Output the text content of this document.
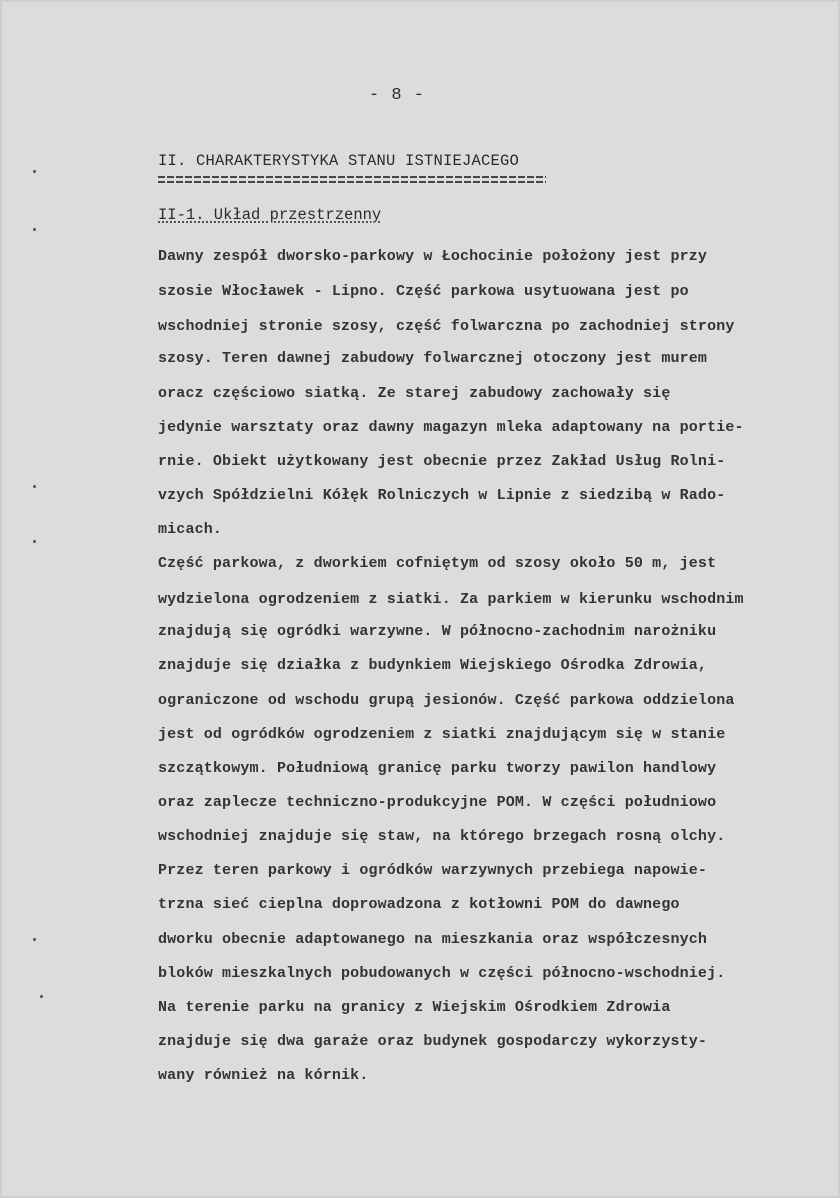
- 8 -
II. CHARAKTERYSTYKA STANU ISTNIEJACEGO
II-1. Układ przestrzenny
Dawny zespół dworsko-parkowy w Łochocinie położony jest przy
szosie Włocławek - Lipno. Część parkowa usytuowana jest po
wschodniej stronie szosy, część folwarczna po zachodniej strony
szosy. Teren dawnej zabudowy folwarcznej otoczony jest murem
oracz częściowo siatką. Ze starej zabudowy zachowały się
jedynie warsztaty oraz dawny magazyn mleka adaptowany na portie-
rnie. Obiekt użytkowany jest obecnie przez Zakład Usług Rolni-
vzych Spółdzielni Kółęk Rolniczych w Lipnie z siedzibą w Rado-
micach.
Część parkowa, z dworkiem cofniętym od szosy około 50 m, jest
wydzielona ogrodzeniem z siatki. Za parkiem w kierunku wschodnim
znajdują się ogródki warzywne. W północno-zachodnim narożniku
znajduje się działka z budynkiem Wiejskiego Ośrodka Zdrowia,
ograniczone od wschodu grupą jesionów. Część parkowa oddzielona
jest od ogródków ogrodzeniem z siatki znajdującym się w stanie
szczątkowym. Południową granicę parku tworzy pawilon handlowy
oraz zaplecze techniczno-produkcyjne POM. W części południowo
wschodniej znajduje się staw, na którego brzegach rosną olchy.
Przez teren parkowy i ogródków warzywnych przebiega napowie-
trzna sieć cieplna doprowadzona z kotłowni POM do dawnego
dworku obecnie adaptowanego na mieszkania oraz współczesnych
bloków mieszkalnych pobudowanych w części północno-wschodniej.
Na terenie parku na granicy z Wiejskim Ośrodkiem Zdrowia
znajduje się dwa garaże oraz budynek gospodarczy wykorzysty-
wany również na kórnik.
